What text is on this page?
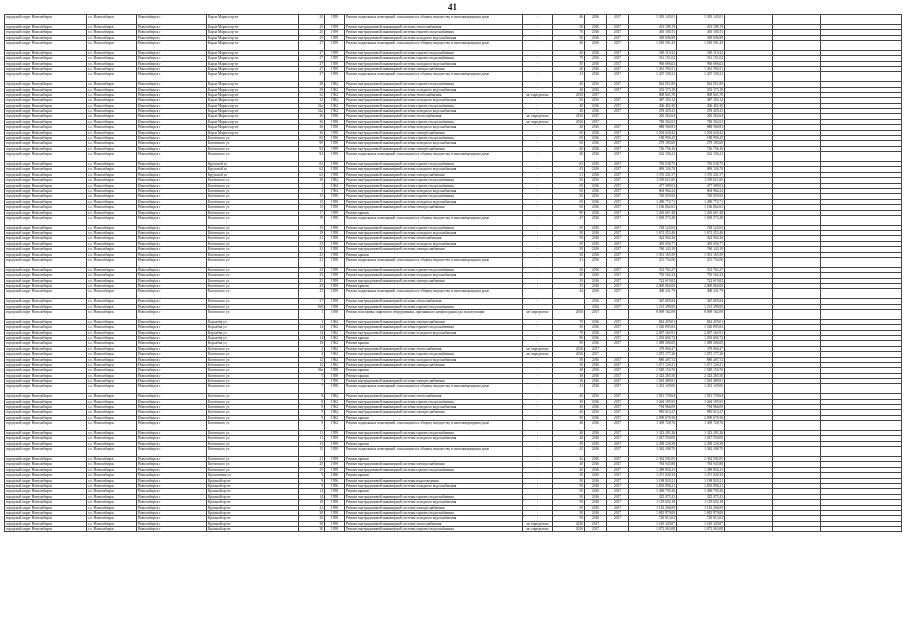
41
городской округ Новосибирск	г.о. Новосибирск	Новосибирск г	Карла Маркса пр-кт	22	1959	Ремонт подвальных помещений, относящихся к общему имуществу в многоквартирном доме	-	46	2016	2017	1 305 145,01	1 305 145,01			
городской округ Новосибирск	г.о. Новосибирск	Новосибирск г	Карла Маркса пр-кт	25	1959	Ремонт внутридомовой инженерной системы теплоснабжения	-	50	2016	2017	201 198,19	201 198,19			
городской округ Новосибирск	г.о. Новосибирск	Новосибирск г	Карла Маркса пр-кт	25	1959	Ремонт внутридомовой инженерной системы горячего водоснабжения	-	70	2016	2017	465 105,55	465 105,55			
городской округ Новосибирск	г.о. Новосибирск	Новосибирск г	Карла Маркса пр-кт	25	1959	Ремонт внутридомовой инженерной системы холодного водоснабжения	-	50	2016	2017	369 696,88	369 696,88			
городской округ Новосибирск	г.о. Новосибирск	Новосибирск г	Карла Маркса пр-кт	27	1959	Ремонт подвальных помещений, относящихся к общему имуществу в многоквартирном доме	-	46	2016	2017	1 029 591,41	1 029 591,41			
городской округ Новосибирск	г.о. Новосибирск	Новосибирск г	Карла Маркса пр-кт	27	1959	Ремонт внутридомовой инженерной системы горячего водоснабжения	-	40	2016	2017	265 110,32	265 110,32			
городской округ Новосибирск	г.о. Новосибирск	Новосибирск г	Карла Маркса пр-кт	27	1959	Ремонт внутридомовой инженерной системы горячего водоснабжения	-	70	2016	2017	351 151,02	351 151,02			
городской округ Новосибирск	г.о. Новосибирск	Новосибирск г	Карла Маркса пр-кт	27	1959	Ремонт внутридомовой инженерной системы холодного водоснабжения	-	50	2016	2017	960 696,02	960 696,02			
городской округ Новосибирск	г.о. Новосибирск	Новосибирск г	Карла Маркса пр-кт	27	1959	Ремонт внутридомовой инженерной системы электроснабжения	-	40	2016	2017	1 461 594,51	1 461 594,51			
городской округ Новосибирск	г.о. Новосибирск	Новосибирск г	Карла Маркса пр-кт	27	1959	Ремонт подвальных помещений, относящихся к общему имуществу в многоквартирном доме	-	41	2016	2017	1 267 158,21	1 267 158,21			
городской округ Новосибирск	г.о. Новосибирск	Новосибирск г	Карла Маркса пр-кт	28	1962	Ремонт внутридомовой инженерной системы горячего водоснабжения	-	40	2016	2017	944 951,89	944 951,89			
городской округ Новосибирск	г.о. Новосибирск	Новосибирск г	Карла Маркса пр-кт	29	1962	Ремонт внутридомовой инженерной системы холодного водоснабжения	-	40	2016	2017	352 175,18	352 175,18			
городской округ Новосибирск	г.о. Новосибирск	Новосибирск г	Карла Маркса пр-кт	32	1962	Ремонт внутридомовой инженерной системы теплоснабжения	не определено	2016	2017		808 665,78	808 665,78			
городской округ Новосибирск	г.о. Новосибирск	Новосибирск г	Карла Маркса пр-кт	32	1962	Ремонт внутридомовой инженерной системы холодного водоснабжения	-	50	2016	2017	487 165,12	487 165,12			
городской округ Новосибирск	г.о. Новосибирск	Новосибирск г	Карла Маркса пр-кт	32а	1962	Ремонт внутридомовой инженерной системы горячего водоснабжения	-	40	2016	2017	406 465,30	406 465,30			
городской округ Новосибирск	г.о. Новосибирск	Новосибирск г	Карла Маркса пр-кт	32а	1962	Ремонт внутридомовой инженерной системы холодного водоснабжения	-	40	2016	2017	259 459,41	259 459,41			
городской округ Новосибирск	г.о. Новосибирск	Новосибирск г	Карла Маркса пр-кт	36	1958	Ремонт внутридомовой инженерной системы теплоснабжения	не определено	2016	2017		265 362,64	265 362,64			
городской округ Новосибирск	г.о. Новосибирск	Новосибирск г	Карла Маркса пр-кт	36	1958	Ремонт внутридомовой инженерной системы горячего водоснабжения	не определено	2016	2017		780 362,03	780 362,03			
городской округ Новосибирск	г.о. Новосибирск	Новосибирск г	Карла Маркса пр-кт	36	1958	Ремонт внутридомовой инженерной системы холодного водоснабжения	-	30	2016	2017	888 968,81	888 968,81			
городской округ Новосибирск	г.о. Новосибирск	Новосибирск г	Карла Маркса пр-кт	36	1958	Ремонт внутридомовой инженерной системы электроснабжения	-	50	2016	2017	1 504 620,42	1 504 620,42			
городской округ Новосибирск	г.о. Новосибирск	Новосибирск г	Котовского ул	83	1956	Ремонт внутридомовой инженерной системы горячего водоснабжения	-	50	2016	2017	189 996,25	189 996,25			
городской округ Новосибирск	г.о. Новосибирск	Новосибирск г	Котовского ул	90	1959	Ремонт внутридомовой инженерной системы холодного водоснабжения	-	50	2016	2017	279 185,60	279 185,60			
городской округ Новосибирск	г.о. Новосибирск	Новосибирск г	Котовского ул	92	1959	Ремонт внутридомовой инженерной системы электроснабжения	-	40	2016	2017	736 756,16	736 756,16			
городской округ Новосибирск	г.о. Новосибирск	Новосибирск г	Котовского ул	92	1959	Ремонт подвальных помещений, относящихся к общему имуществу в многоквартирном доме	-	40	2016	2017	222 156,21	222 156,21			
городской округ Новосибирск	г.о. Новосибирск	Новосибирск г	Крупской ул	62	1958	Ремонт внутридомовой инженерной системы горячего водоснабжения	-	63	2016	2017	765 538,75	765 538,75			
городской округ Новосибирск	г.о. Новосибирск	Новосибирск г	Крупской ул	62	1958	Ремонт внутридомовой инженерной системы холодного водоснабжения	-	43	2016	2017	869 126,78	869 126,78			
городской округ Новосибирск	г.о. Новосибирск	Новосибирск г	Крупской ул	62	1958	Ремонт внутридомовой инженерной системы электроснабжения	-	51	2016	2017	1 376 241,57	1 376 241,57			
городской округ Новосибирск	г.о. Новосибирск	Новосибирск г	Котовского ул	30	1962	Ремонт внутридомовой инженерной системы горячего водоснабжения	-	50	2016	2017	1 359 611,00	1 359 611,00			
городской округ Новосибирск	г.о. Новосибирск	Новосибирск г	Котовского ул	1	1964	Ремонт внутридомовой инженерной системы горячего водоснабжения	-	50	2016	2017	477 589,03	477 589,03			
городской округ Новосибирск	г.о. Новосибирск	Новосибирск г	Котовского ул	1	1964	Ремонт внутридомовой инженерной системы холодного водоснабжения	-	50	2016	2017	804 964,24	804 964,24			
городской округ Новосибирск	г.о. Новосибирск	Новосибирск г	Котовского ул	15	1959	Ремонт внутридомовой инженерной системы горячего водоснабжения	-	50	2016	2017	740 050,92	740 050,92			
городской округ Новосибирск	г.о. Новосибирск	Новосибирск г	Котовского ул	15	1959	Ремонт внутридомовой инженерной системы холодного водоснабжения	-	50	2016	2017	1 490 772,71	1 490 772,71			
городской округ Новосибирск	г.о. Новосибирск	Новосибирск г	Котовского ул	15	1959	Ремонт внутридомовой инженерной системы электроснабжения	-	50	2016	2017	1 166 062,02	1 166 062,02			
городской округ Новосибирск	г.о. Новосибирск	Новосибирск г	Котовского ул	17	1959	Ремонт крыши	-	90	2016	2017	1 263 667,48	1 263 667,48			
городской округ Новосибирск	г.о. Новосибирск	Новосибирск г	Котовского ул	19	1958	Ремонт подвальных помещений, относящихся к общему имуществу в многоквартирном доме	-	47	2016	2017	1 029 573,28	1 029 573,28			
городской округ Новосибирск	г.о. Новосибирск	Новосибирск г	Котовского ул	19	1958	Ремонт внутридомовой инженерной системы горячего водоснабжения	-	50	2016	2017	728 122,65	728 122,65			
городской округ Новосибирск	г.о. Новосибирск	Новосибирск г	Котовского ул	19	1958	Ремонт внутридомовой инженерной системы холодного водоснабжения	-	50	2016	2017	1 672 253,46	1 672 253,46			
городской округ Новосибирск	г.о. Новосибирск	Новосибирск г	Котовского ул	21	1958	Ремонт внутридомовой инженерной системы теплоснабжения	-	50	2016	2017	362 902,26	362 902,26			
городской округ Новосибирск	г.о. Новосибирск	Новосибирск г	Котовского ул	21	1958	Ремонт внутридомовой инженерной системы холодного водоснабжения	-	50	2016	2017	493 694,77	493 694,77			
городской округ Новосибирск	г.о. Новосибирск	Новосибирск г	Котовского ул	21	1958	Ремонт внутридомовой инженерной системы электроснабжения	-	50	2016	2017	760 143,18	760 143,18			
городской округ Новосибирск	г.о. Новосибирск	Новосибирск г	Котовского ул	25	1958	Ремонт крыши	-	50	2016	2017	1 561 165,59	1 561 165,59			
городской округ Новосибирск	г.о. Новосибирск	Новосибирск г	Котовского ул	21	1958	Ремонт подвальных помещений, относящихся к общему имуществу в многоквартирном доме	-	41	2016	2017	251 732,00	251 732,00			
городской округ Новосибирск	г.о. Новосибирск	Новосибирск г	Котовского ул	23	1959	Ремонт внутридомовой инженерной системы горячего водоснабжения	-	30	2016	2017	312 763,27	312 763,27			
городской округ Новосибирск	г.о. Новосибирск	Новосибирск г	Котовского ул	23	1959	Ремонт внутридомовой инженерной системы холодного водоснабжения	-	30	2016	2017	792 162,32	792 162,32			
городской округ Новосибирск	г.о. Новосибирск	Новосибирск г	Котовского ул	25	1959	Ремонт внутридомовой инженерной системы электроснабжения	-	35	2016	2017	722 619,02	722 619,02			
городской округ Новосибирск	г.о. Новосибирск	Новосибирск г	Котовского ул	25	1959	Ремонт крыши	-	35	2016	2017	2 000 064,00	2 000 064,00			
городской округ Новосибирск	г.о. Новосибирск	Новосибирск г	Котовского ул	25	1959	Ремонт подвальных помещений, относящихся к общему имуществу в многоквартирном доме	-	44	2016	2017	408 341,79	408 341,79			
городской округ Новосибирск	г.о. Новосибирск	Новосибирск г	Котовского ул	27	1958	Ремонт внутридомовой инженерной системы теплоснабжения	-		2016	2017	367 605,84	367 605,84			
городской округ Новосибирск	г.о. Новосибирск	Новосибирск г	Котовского ул	160	1958	Ремонт внутридомовой инженерной системы горячего водоснабжения	-		2016	2017	1 213 299,00	1 213 299,00			
городской округ Новосибирск	г.о. Новосибирск	Новосибирск г	Котовского ул	1	1958	Ремонт или замена лифтового оборудования, признанного непригодным для эксплуатации	не определено	2016	2017		8 009 162,09	8 009 162,09			
городской округ Новосибирск	г.о. Новосибирск	Новосибирск г	Королёва ул	1	1964	Ремонт внутридомовой инженерной системы электроснабжения	-	70	2016	2017	844 459,01	844 459,01			
городской округ Новосибирск	г.о. Новосибирск	Новосибирск г	Королёва ул	14	1962	Ремонт внутридомовой инженерной системы горячего водоснабжения	-	50	2016	2017	1 526 895,02	1 526 895,02			
городской округ Новосибирск	г.о. Новосибирск	Новосибирск г	Королёва ул	14	1962	Ремонт внутридомовой инженерной системы холодного водоснабжения	-	70	2016	2017	2 007 164,91	2 007 164,91			
городской округ Новосибирск	г.о. Новосибирск	Новосибирск г	Королёва ул	14	1962	Ремонт крыши	-	90	2016	2017	1 292 694,74	1 292 694,74			
городской округ Новосибирск	г.о. Новосибирск	Новосибирск г	Королёва ул	16	1962	Ремонт крыши	-	90	2016	2017	1 089 200,00	1 089 200,00			
городской округ Новосибирск	г.о. Новосибирск	Новосибирск г	Котовского ул	4	1962	Ремонт внутридомовой инженерной системы теплоснабжения	не определено	2016	2017		279 004,27	279 004,27			
городской округ Новосибирск	г.о. Новосибирск	Новосибирск г	Котовского ул	4	1962	Ремонт внутридомовой инженерной системы горячего водоснабжения	не определено	2016	2017		1 075 177,26	1 075 177,26			
городской округ Новосибирск	г.о. Новосибирск	Новосибирск г	Котовского ул	12	1962	Ремонт внутридомовой инженерной системы холодного водоснабжения	-	50	2016	2017	880 407,72	880 407,72			
городской округ Новосибирск	г.о. Новосибирск	Новосибирск г	Котовского ул	12	1962	Ремонт внутридомовой инженерной системы электроснабжения	-	50	2016	2017	1 071 126,21	1 071 126,21			
городской округ Новосибирск	г.о. Новосибирск	Новосибирск г	Котовского ул	36а	1958	Ремонт крыши	-	48	2016	2017	1 929 154,70	1 929 154,70			
городской округ Новосибирск	г.о. Новосибирск	Новосибирск г	Котовского ул	5	1958	Ремонт крыши	-	48	2016	2017	2 323 265,50	2 323 265,50			
городской округ Новосибирск	г.о. Новосибирск	Новосибирск г	Котовского ул	7	1958	Ремонт внутридомовой инженерной системы электроснабжения	-	30	2016	2017	1 563 489,81	1 563 489,81			
городской округ Новосибирск	г.о. Новосибирск	Новосибирск г	Котовского ул	7	1958	Ремонт подвальных помещений, относящихся к общему имуществу в многоквартирном доме	-	41	2016	2017	1 201 129,00	1 201 129,00			
городской округ Новосибирск	г.о. Новосибирск	Новосибирск г	Котовского ул	8	1962	Ремонт внутридомовой инженерной системы теплоснабжения	-	40	2016	2017	1 921 739,64	1 921 739,64			
городской округ Новосибирск	г.о. Новосибирск	Новосибирск г	Котовского ул	8	1962	Ремонт внутридомовой инженерной системы горячего водоснабжения	-	30	2016	2017	1 264 193,93	1 264 193,93			
городской округ Новосибирск	г.о. Новосибирск	Новосибирск г	Котовского ул	9	1962	Ремонт внутридомовой инженерной системы холодного водоснабжения	-	40	2016	2017	794 966,09	794 966,09			
городской округ Новосибирск	г.о. Новосибирск	Новосибирск г	Котовского ул	9	1962	Ремонт внутридомовой инженерной системы электроснабжения	-	40	2016	2017	985 613,27	985 613,27			
городской округ Новосибирск	г.о. Новосибирск	Новосибирск г	Котовского ул	9	1962	Ремонт крыши	-	50	2016	2017	2 990 679,36	2 990 679,36			
городской округ Новосибирск	г.о. Новосибирск	Новосибирск г	Котовского ул	9	1962	Ремонт подвальных помещений, относящихся к общему имуществу в многоквартирном доме	-	40	2016	2017	1 309 728,76	1 309 728,76			
городской округ Новосибирск	г.о. Новосибирск	Новосибирск г	Котовского ул	11	1959	Ремонт внутридомовой инженерной системы горячего водоснабжения	-	40	2016	2017	1 323 291,36	1 323 291,36			
городской округ Новосибирск	г.о. Новосибирск	Новосибирск г	Котовского ул	11	1959	Ремонт внутридомовой инженерной системы холодного водоснабжения	-	40	2016	2017	1 047 550,00	1 047 550,00			
городской округ Новосибирск	г.о. Новосибирск	Новосибирск г	Котовского ул	13	1959	Ремонт крыши	-	50	2016	2017	2 290 126,38	2 290 126,38			
городской округ Новосибирск	г.о. Новосибирск	Новосибирск г	Котовского ул	13	1959	Ремонт подвальных помещений, относящихся к общему имуществу в многоквартирном доме	-	43	2016	2017	1 362 298,70	1 362 298,70			
городской округ Новосибирск	г.о. Новосибирск	Новосибирск г	Котовского ул	21	1959	Ремонт крыши	-	42	2016	2017	2 363 592,83	2 363 592,83			
городской округ Новосибирск	г.о. Новосибирск	Новосибирск г	Котовского ул	25	1959	Ремонт внутридомовой инженерной системы электроснабжения	-	40	2016	2017	784 945,88	784 945,88			
городской округ Новосибирск	г.о. Новосибирск	Новосибирск г	Котовского ул	25	1959	Ремонт внутридомовой инженерной системы горячего водоснабжения	-	40	2016	2017	1 389 854,21	1 389 854,21			
городской округ Новосибирск	г.о. Новосибирск	Новосибирск г	Кропоткина ул	5	1960	Ремонт крыши	-	30	2016	2017	1 471 029,34	1 471 029,34			
городской округ Новосибирск	г.о. Новосибирск	Новосибирск г	Красный пр-кт	9	1956	Ремонт внутридомовой инженерной системы водоотведения	-	50	2016	2017	1 198 920,21	1 198 920,21			
городской округ Новосибирск	г.о. Новосибирск	Новосибирск г	Красный пр-кт	9	1956	Ремонт внутридомовой инженерной системы холодного водоснабжения	-	50	2016	2017	1 053 096,21	1 053 096,21			
городской округ Новосибирск	г.о. Новосибирск	Новосибирск г	Красный пр-кт	14	1958	Ремонт крыши	-	50	2016	2017	1 469 795,26	1 469 795,26			
городской округ Новосибирск	г.о. Новосибирск	Новосибирск г	Красный пр-кт	14	1958	Ремонт внутридомовой инженерной системы горячего водоснабжения	-	50	2016	2017	325 475,23	325 475,23			
городской округ Новосибирск	г.о. Новосибирск	Новосибирск г	Красный пр-кт	18	1958	Ремонт внутридомовой инженерной системы холодного водоснабжения	-	50	2016	2017	1 119 602,18	1 119 602,18			
городской округ Новосибирск	г.о. Новосибирск	Новосибирск г	Красный пр-кт	22	1958	Ремонт внутридомовой инженерной системы электроснабжения	-	50	2016	2017	1 145 206,09	1 145 206,09			
городской округ Новосибирск	г.о. Новосибирск	Новосибирск г	Красный пр-кт	30	1958	Ремонт внутридомовой инженерной системы горячего водоснабжения	-	50	2016	2017	1 865 979,00	1 865 979,00			
городской округ Новосибирск	г.о. Новосибирск	Новосибирск г	Красный пр-кт	30	1958	Ремонт внутридомовой инженерной системы холодного водоснабжения	-	50	2016	2017	720 913,63	720 913,63			
городской округ Новосибирск	г.о. Новосибирск	Новосибирск г	Красный пр-кт	30	1958	Ремонт внутридомовой инженерной системы теплоснабжения	не определено	2016	2017		1 165 329,07	1 165 329,07			
городской округ Новосибирск	г.о. Новосибирск	Новосибирск г	Красный пр-кт	30	1958	Ремонт внутридомовой инженерной системы горячего водоснабжения	не определено	2016	2017		1 072 063,08	1 072 063,08			
